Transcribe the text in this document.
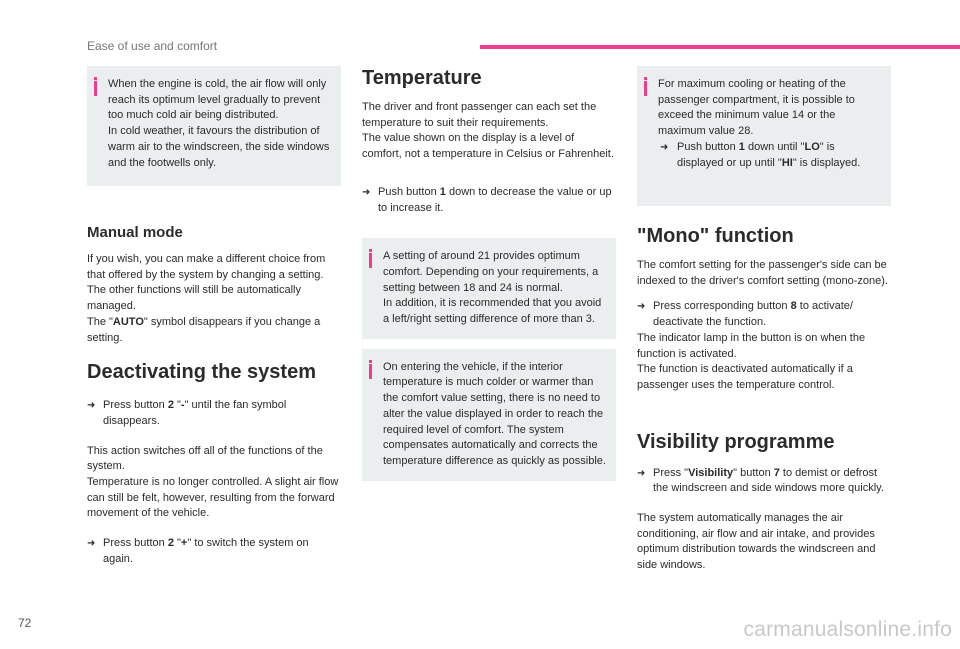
Ease of use and comfort

When the engine is cold, the air flow will only reach its optimum level gradually to prevent too much cold air being distributed.

In cold weather, it favours the distribution of warm air to the windscreen, the side windows and the footwells only.

Manual mode

If you wish, you can make a different choice from that offered by the system by changing a setting. The other functions will still be automatically managed.

The "AUTO" symbol disappears if you change a setting.

Deactivating the system
➜ Press button 2 "-" until the fan symbol disappears.

This action switches off all of the functions of the system.

Temperature is no longer controlled. A slight air flow can still be felt, however, resulting from the forward movement of the vehicle.

➜ Press button 2 "+" to switch the system on again.
Temperature

The driver and front passenger can each set the temperature to suit their requirements.

The value shown on the display is a level of comfort, not a temperature in Celsius or Fahrenheit.

➜ Push button 1 down to decrease the value or up to increase it.

A setting of around 21 provides optimum comfort. Depending on your requirements, a setting between 18 and 24 is normal.

In addition, it is recommended that you avoid a left/right setting difference of more than 3.

On entering the vehicle, if the interior temperature is much colder or warmer than the comfort value setting, there is no need to alter the value displayed in order to reach the required level of comfort. The system compensates automatically and corrects the temperature difference as quickly as possible.

For maximum cooling or heating of the passenger compartment, it is possible to exceed the minimum value 14 or the maximum value 28.

➜ Push button 1 down until "LO" is displayed or up until "HI" is displayed.
"Mono" function

The comfort setting for the passenger's side can be indexed to the driver's comfort setting (mono-zone).

➜ Press corresponding button 8 to activate/ deactivate the function.

The indicator lamp in the button is on when the function is activated.

The function is deactivated automatically if a passenger uses the temperature control.

Visibility programme
➜ Press "Visibility" button 7 to demist or defrost the windscreen and side windows more quickly.

The system automatically manages the air conditioning, air flow and air intake, and provides optimum distribution towards the windscreen and side windows.

72	carmanualsonline.info
